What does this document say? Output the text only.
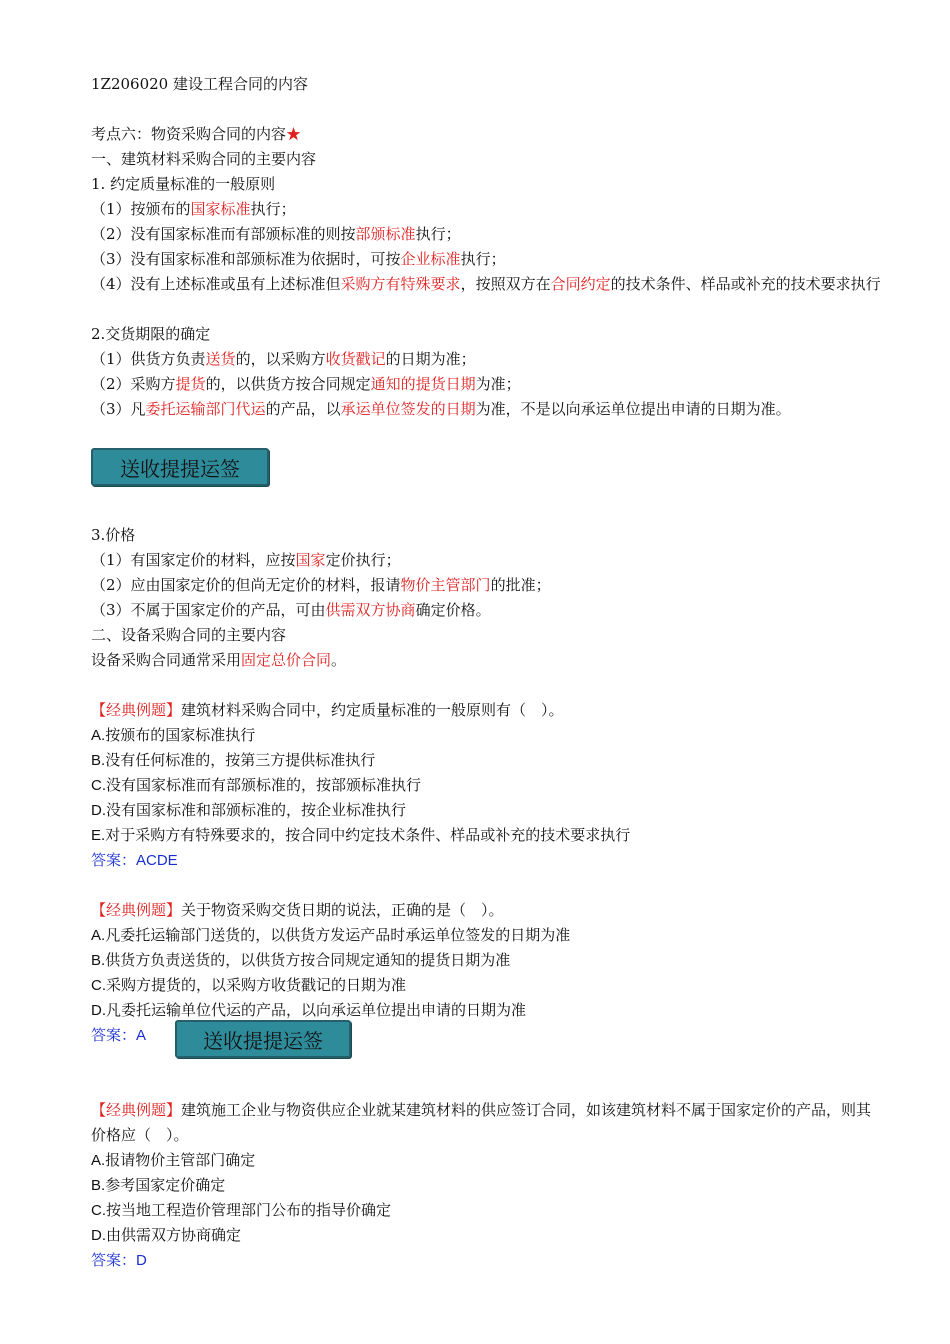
1Z206020 建设工程合同的内容
考点六：物资采购合同的内容★
一、建筑材料采购合同的主要内容
1. 约定质量标准的一般原则
（1）按颁布的国家标准执行；
（2）没有国家标准而有部颁标准的则按部颁标准执行；
（3）没有国家标准和部颁标准为依据时，可按企业标准执行；
（4）没有上述标准或虽有上述标准但采购方有特殊要求，按照双方在合同约定的技术条件、样品或补充的技术要求执行
2.交货期限的确定
（1）供货方负责送货的，以采购方收货戳记的日期为准；
（2）采购方提货的，以供货方按合同规定通知的提货日期为准；
（3）凡委托运输部门代运的产品，以承运单位签发的日期为准，不是以向承运单位提出申请的日期为准。
送收提提运签
3.价格
（1）有国家定价的材料，应按国家定价执行；
（2）应由国家定价的但尚无定价的材料，报请物价主管部门的批准；
（3）不属于国家定价的产品，可由供需双方协商确定价格。
二、设备采购合同的主要内容
设备采购合同通常采用固定总价合同。
【经典例题】建筑材料采购合同中，约定质量标准的一般原则有（　）。
A.按颁布的国家标准执行
B.没有任何标准的，按第三方提供标准执行
C.没有国家标准而有部颁标准的，按部颁标准执行
D.没有国家标准和部颁标准的，按企业标准执行
E.对于采购方有特殊要求的，按合同中约定技术条件、样品或补充的技术要求执行
答案：ACDE
【经典例题】关于物资采购交货日期的说法，正确的是（　）。
A.凡委托运输部门送货的，以供货方发运产品时承运单位签发的日期为准
B.供货方负责送货的，以供货方按合同规定通知的提货日期为准
C.采购方提货的，以采购方收货戳记的日期为准
D.凡委托运输单位代运的产品，以向承运单位提出申请的日期为准
答案：A
【经典例题】建筑施工企业与物资供应企业就某建筑材料的供应签订合同，如该建筑材料不属于国家定价的产品，则其价格应（　）。
A.报请物价主管部门确定
B.参考国家定价确定
C.按当地工程造价管理部门公布的指导价确定
D.由供需双方协商确定
答案：D
送收提提运签
